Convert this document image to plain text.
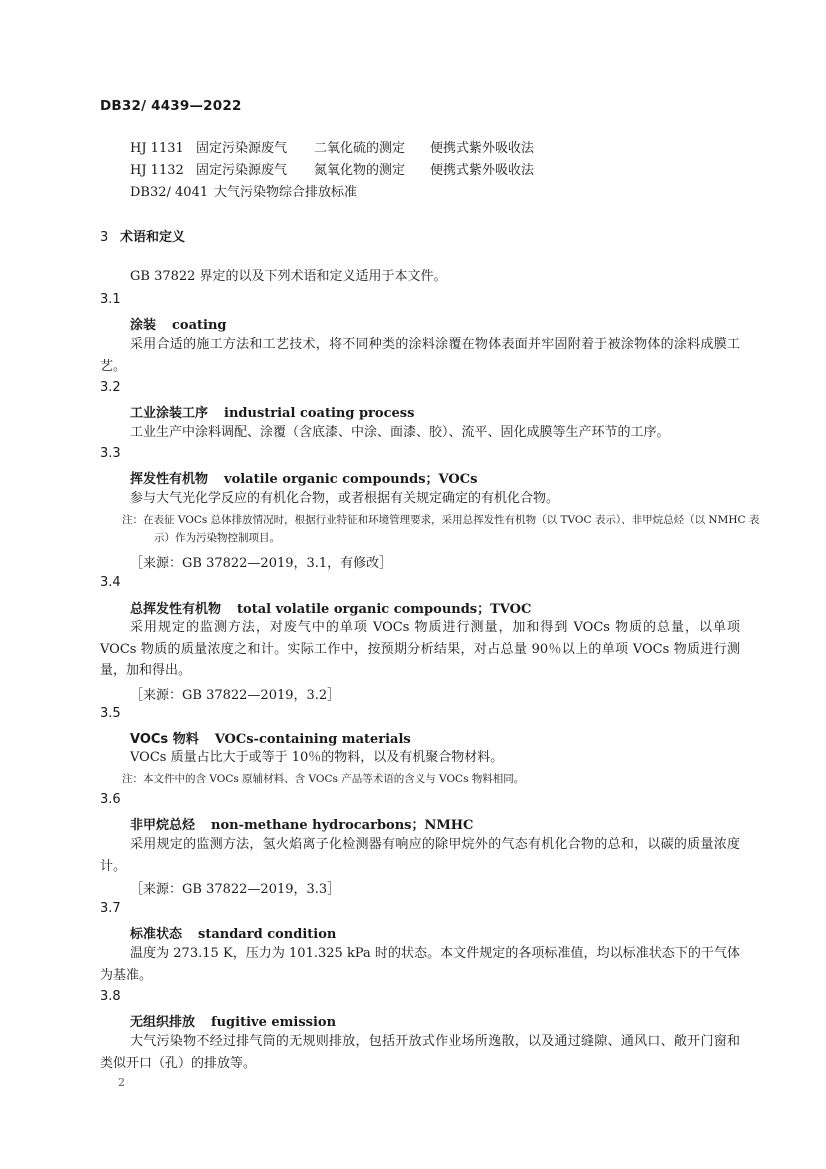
DB32/ 4439—2022
HJ 1131 固定污染源废气 二氧化硫的测定 便携式紫外吸收法
HJ 1132 固定污染源废气 氮氧化物的测定 便携式紫外吸收法
DB32/ 4041 大气污染物综合排放标准
3 术语和定义
GB 37822 界定的以及下列术语和定义适用于本文件。
3.1
涂装 coating
采用合适的施工方法和工艺技术，将不同种类的涂料涂覆在物体表面并牢固附着于被涂物体的涂料成膜工艺。
3.2
工业涂装工序 industrial coating process
工业生产中涂料调配、涂覆（含底漆、中涂、面漆、胶）、流平、固化成膜等生产环节的工序。
3.3
挥发性有机物 volatile organic compounds；VOCs
参与大气光化学反应的有机化合物，或者根据有关规定确定的有机化合物。
注：在表征 VOCs 总体排放情况时，根据行业特征和环境管理要求，采用总挥发性有机物（以 TVOC 表示）、非甲烷总烃（以 NMHC 表示）作为污染物控制项目。
［来源：GB 37822—2019，3.1，有修改］
3.4
总挥发性有机物 total volatile organic compounds；TVOC
采用规定的监测方法，对废气中的单项 VOCs 物质进行测量，加和得到 VOCs 物质的总量，以单项 VOCs 物质的质量浓度之和计。实际工作中，按预期分析结果，对占总量 90％以上的单项 VOCs 物质进行测量，加和得出。
［来源：GB 37822—2019，3.2］
3.5
VOCs 物料 VOCs-containing materials
VOCs 质量占比大于或等于 10％的物料，以及有机聚合物材料。
注：本文件中的含 VOCs 原辅材料、含 VOCs 产品等术语的含义与 VOCs 物料相同。
3.6
非甲烷总烃 non-methane hydrocarbons；NMHC
采用规定的监测方法，氢火焰离子化检测器有响应的除甲烷外的气态有机化合物的总和，以碳的质量浓度计。
［来源：GB 37822—2019，3.3］
3.7
标准状态 standard condition
温度为 273.15 K，压力为 101.325 kPa 时的状态。本文件规定的各项标准值，均以标准状态下的干气体为基准。
3.8
无组织排放 fugitive emission
大气污染物不经过排气筒的无规则排放，包括开放式作业场所逸散，以及通过缝隙、通风口、敞开门窗和类似开口（孔）的排放等。
2
